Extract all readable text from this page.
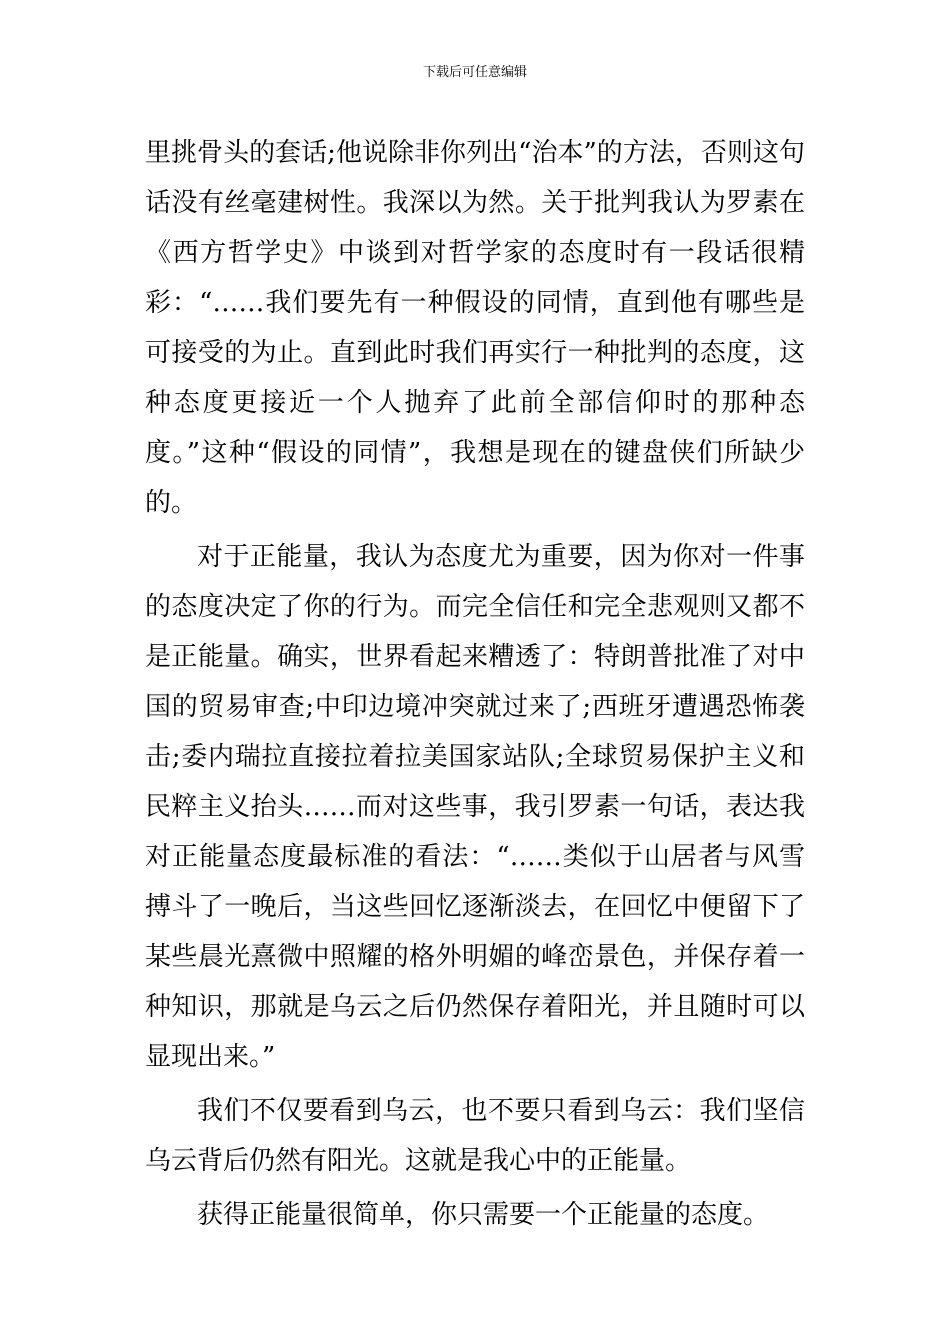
下载后可任意编辑

里挑骨头的套话;他说除非你列出“治本”的方法，否则这句话没有丝毫建树性。我深以为然。关于批判我认为罗素在《西方哲学史》中谈到对哲学家的态度时有一段话很精彩：“……我们要先有一种假设的同情，直到他有哪些是可接受的为止。直到此时我们再实行一种批判的态度，这种态度更接近一个人抛弃了此前全部信仰时的那种态度。”这种“假设的同情”，我想是现在的键盘侠们所缺少的。

对于正能量，我认为态度尤为重要，因为你对一件事的态度决定了你的行为。而完全信任和完全悲观则又都不是正能量。确实，世界看起来糟透了：特朗普批准了对中国的贸易审查;中印边境冲突就过来了;西班牙遭遇恐怖袭击;委内瑞拉直接拉着拉美国家站队;全球贸易保护主义和民粹主义抬头……而对这些事，我引罗素一句话，表达我对正能量态度最标准的看法：“……类似于山居者与风雪搏斗了一晚后，当这些回忆逐渐淡去，在回忆中便留下了某些晨光熹微中照耀的格外明媚的峰峦景色，并保存着一种知识，那就是乌云之后仍然保存着阳光，并且随时可以显现出来。”

我们不仅要看到乌云，也不要只看到乌云：我们坚信乌云背后仍然有阳光。这就是我心中的正能量。

获得正能量很简单，你只需要一个正能量的态度。
